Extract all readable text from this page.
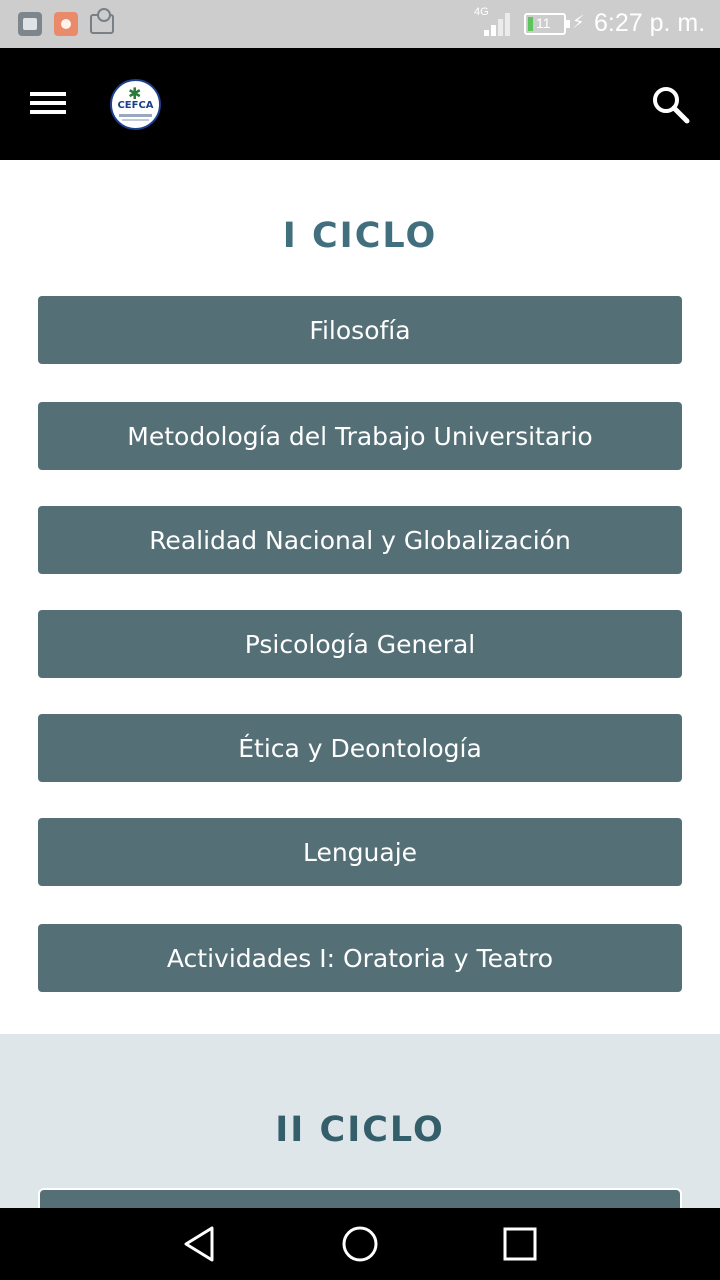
4G
11 ⚡ 6:27 p. m.
✱
CEFCA
I CICLO
Filosofía
Metodología del Trabajo Universitario
Realidad Nacional y Globalización
Psicología General
Ética y Deontología
Lenguaje
Actividades I: Oratoria y Teatro
II CICLO
